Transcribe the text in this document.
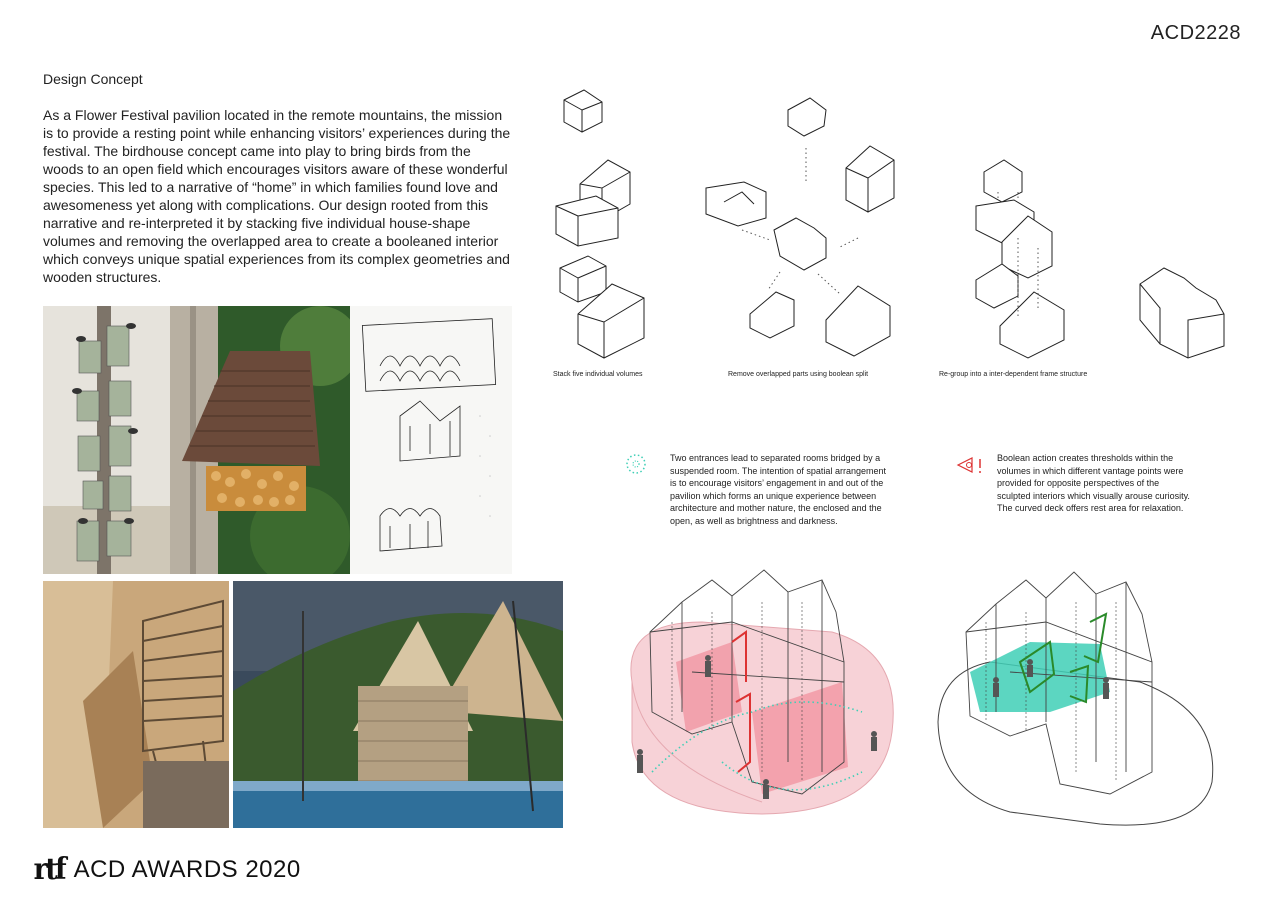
ACD2228
Design Concept
As a Flower Festival pavilion located in the remote mountains, the mission is to provide a resting point while enhancing visitors’ experiences during the festival. The birdhouse concept came into play to bring birds from the woods to an open field which encourages visitors aware of these wonderful species. This led to a narrative of “home” in which families found love and awesomeness yet along with complications. Our design rooted from this narrative and re-interpreted it by stacking five individual house-shape volumes and removing the overlapped area to create a booleaned interior which conveys unique spatial experiences from its complex geometries and wooden structures.
Stack five individual volumes	Remove overlapped parts using boolean split	Re-group into a inter-dependent frame structure
Two entrances lead to separated rooms bridged by a suspended room. The intention of spatial arrangement is to encourage visitors’ engagement in and out of the pavilion which forms an unique experience between architecture and mother nature, the enclosed and the open, as well as brightness and darkness.
Boolean action creates thresholds within the volumes in which different vantage points were provided for opposite perspectives of the sculpted interiors which visually arouse curiosity. The curved deck offers rest area for relaxation.
rtf ACD AWARDS 2020
